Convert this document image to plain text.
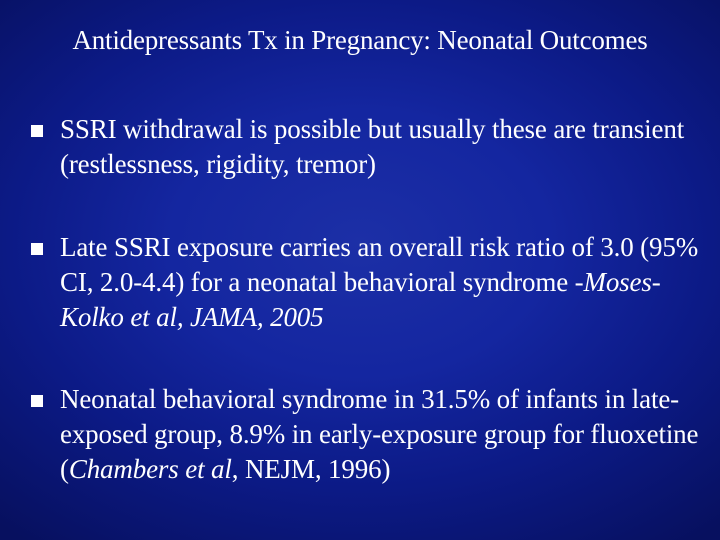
Antidepressants Tx in Pregnancy: Neonatal Outcomes
SSRI withdrawal is possible but usually these are transient (restlessness, rigidity, tremor)
Late SSRI exposure carries an overall risk ratio of 3.0 (95% CI, 2.0-4.4) for a neonatal behavioral syndrome -Moses-Kolko et al, JAMA, 2005
Neonatal behavioral syndrome in 31.5% of infants in late-exposed group, 8.9% in early-exposure group for fluoxetine (Chambers et al, NEJM, 1996)
